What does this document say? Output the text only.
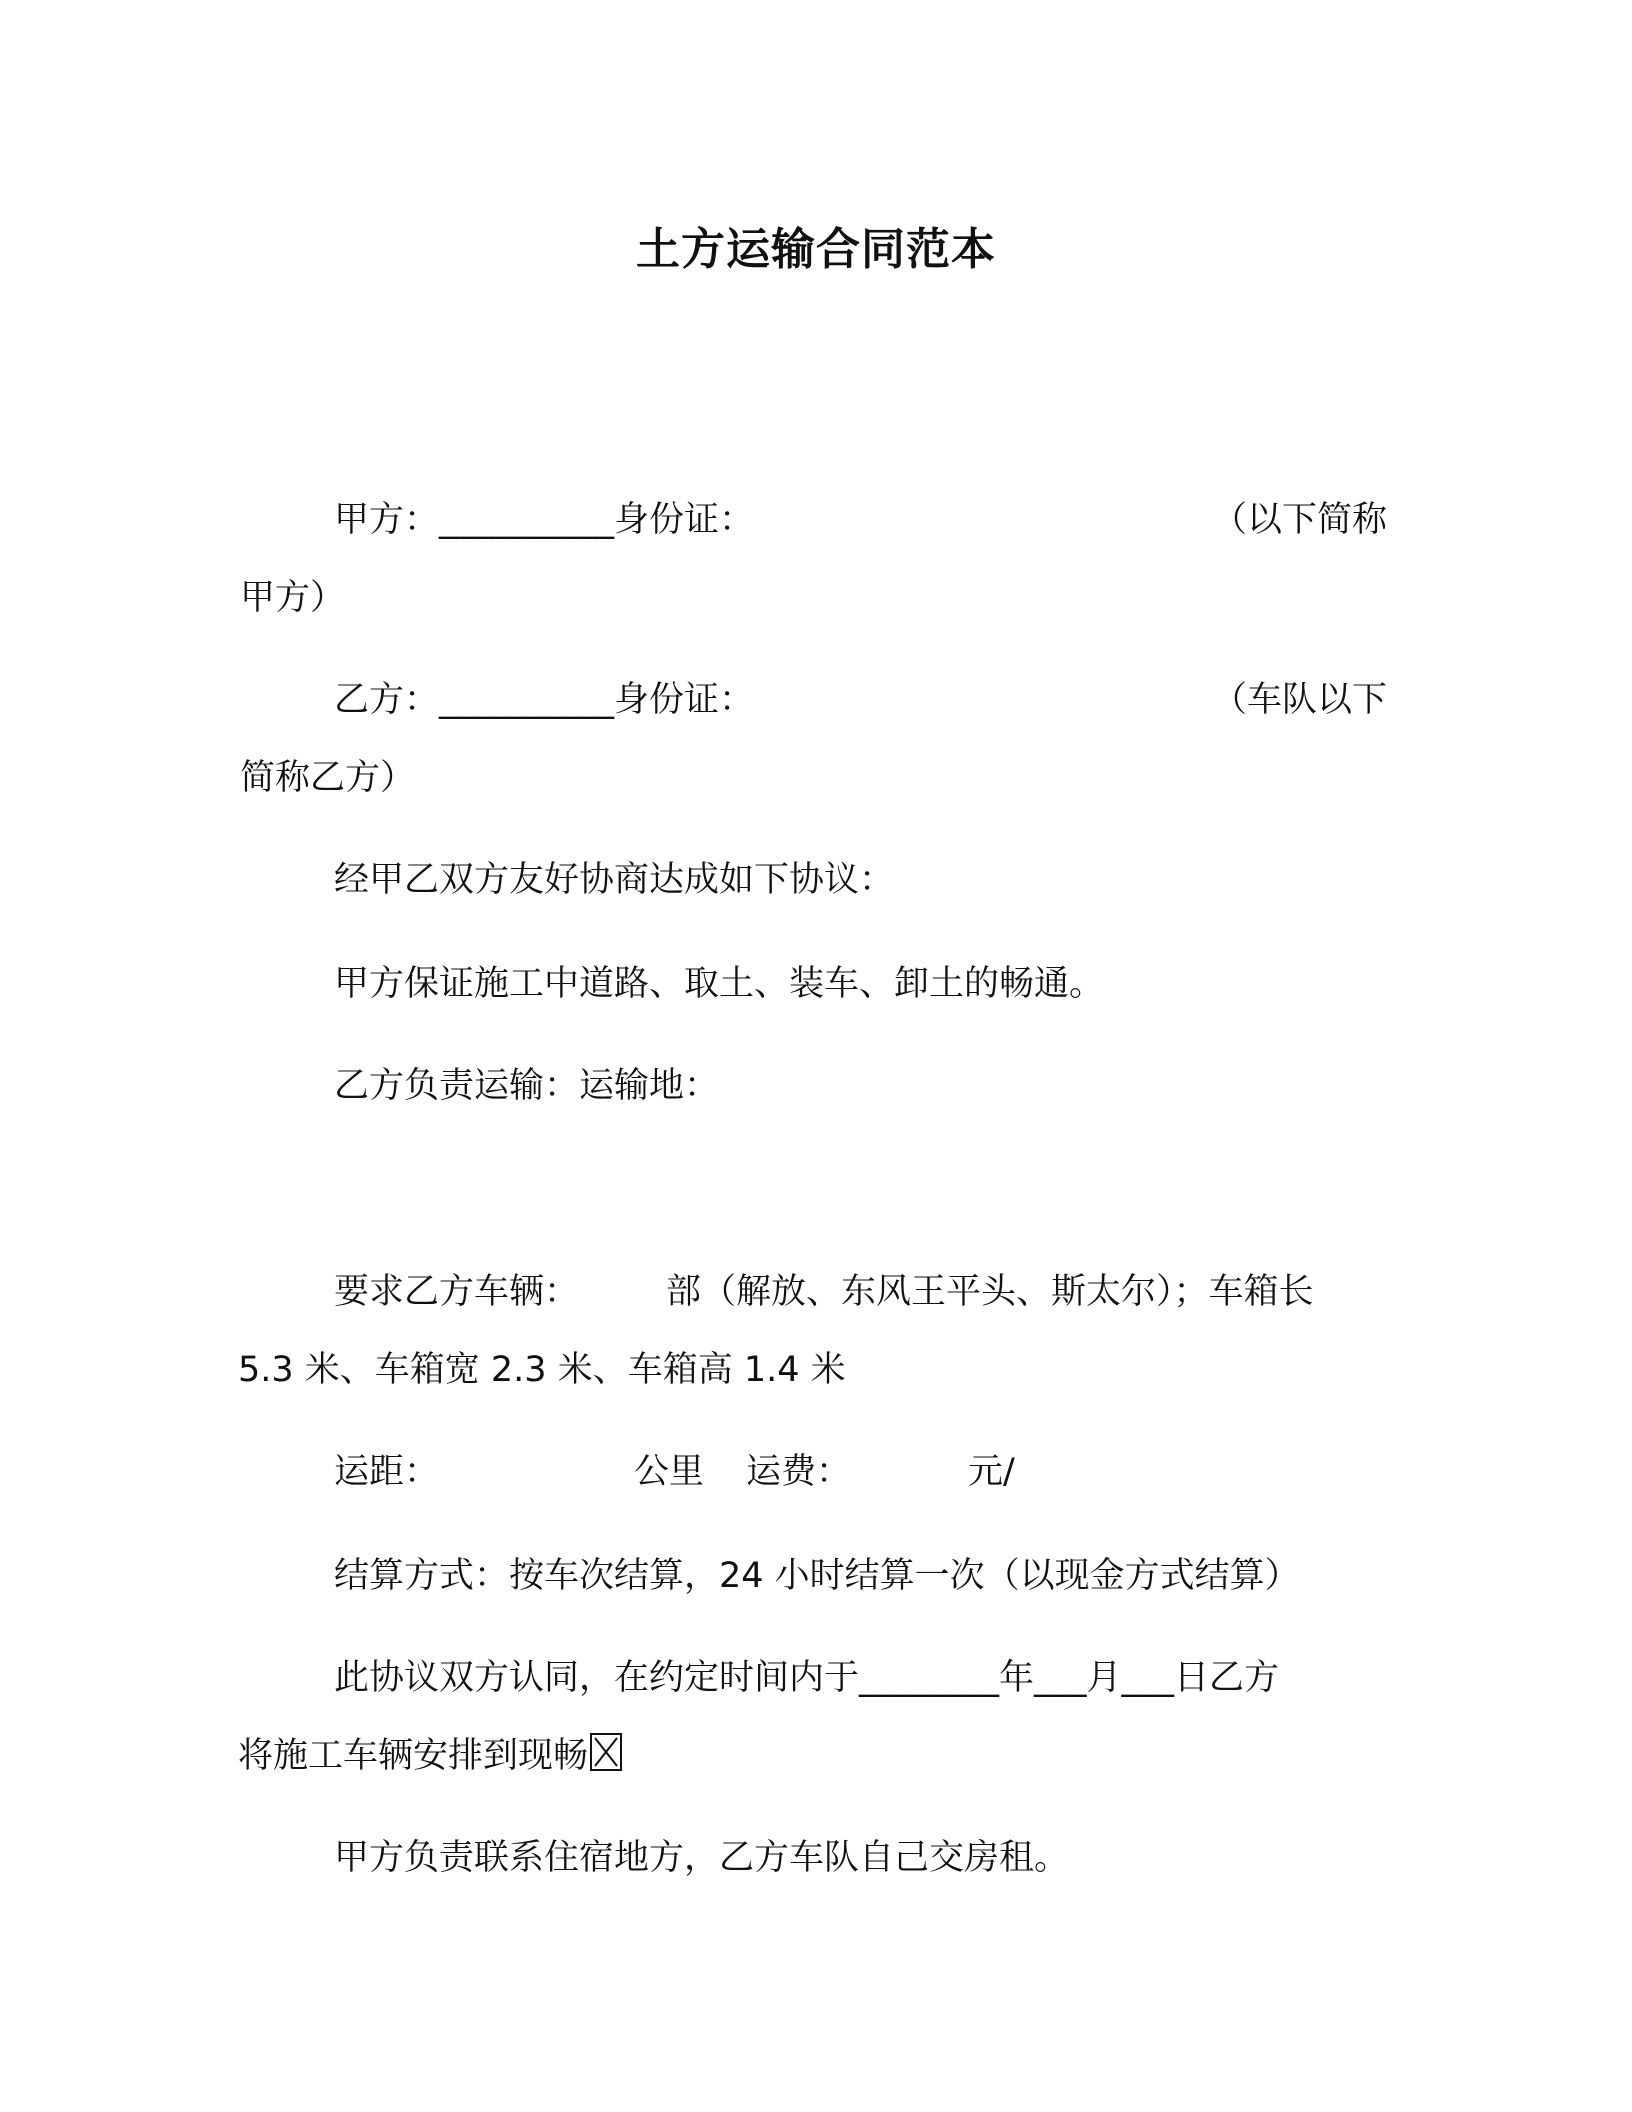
土方运输合同范本
甲方：__________身份证：	（以下简称
甲方）
乙方：__________身份证：	（车队以下
简称乙方）
经甲乙双方友好协商达成如下协议：
甲方保证施工中道路、取土、装车、卸土的畅通。
乙方负责运输：运输地：
要求乙方车辆： 部（解放、东风王平头、斯太尔）；车箱长
5.3 米、车箱宽 2.3 米、车箱高 1.4 米
运距：	公里 运费：	元/
结算方式：按车次结算，24 小时结算一次（以现金方式结算）
此协议双方认同，在约定时间内于________年___月___日乙方
将施工车辆安排到现畅
甲方负责联系住宿地方，乙方车队自己交房租。
